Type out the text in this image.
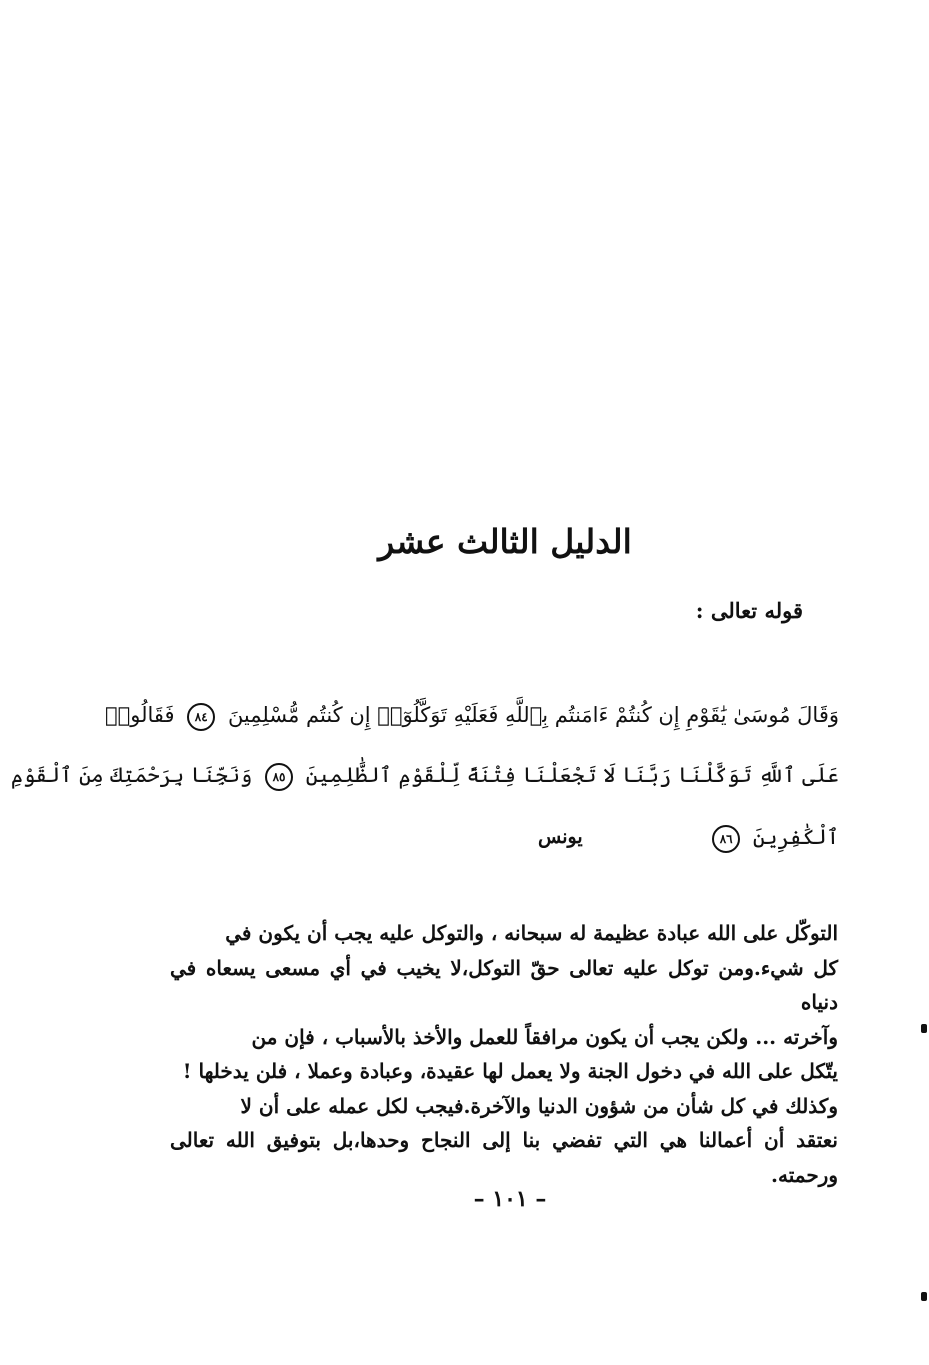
الدليل الثالث عشر
قوله تعالى :
وَقَالَ مُوسَىٰ يَٰقَوْمِ إِن كُنتُمْ ءَامَنتُم بِٱللَّهِ فَعَلَيْهِ تَوَكَّلُوٓا۟ إِن كُنتُم مُّسْلِمِينَ ٨٤ فَقَالُوا۟
عَلَى ٱللَّهِ تَوَكَّلْنَا رَبَّنَا لَا تَجْعَلْنَا فِتْنَةً لِّلْقَوْمِ ٱلظَّٰلِمِينَ ٨٥ وَنَجِّنَا بِرَحْمَتِكَ مِنَ ٱلْقَوْمِ
ٱلْكَٰفِرِينَ ٨٦
يونس

التوكّل على الله عبادة عظيمة له سبحانه ، والتوكل عليه يجب أن يكون في

كل شيء.ومن توكل عليه تعالى حقّ التوكل،لا يخيب في أي مسعى يسعاه في دنياه

وآخرته ... ولكن يجب أن يكون مرافقاً للعمل والأخذ بالأسباب ، فإن من

يتّكل على الله في دخول الجنة ولا يعمل لها عقيدة، وعبادة وعملا ، فلن يدخلها !

وكذلك في كل شأن من شؤون الدنيا والآخرة.فيجب لكل عمله على أن لا

نعتقد أن أعمالنا هي التي تفضي بنا إلى النجاح وحدها،بل بتوفيق الله تعالى ورحمته.

– ١٠١ –
